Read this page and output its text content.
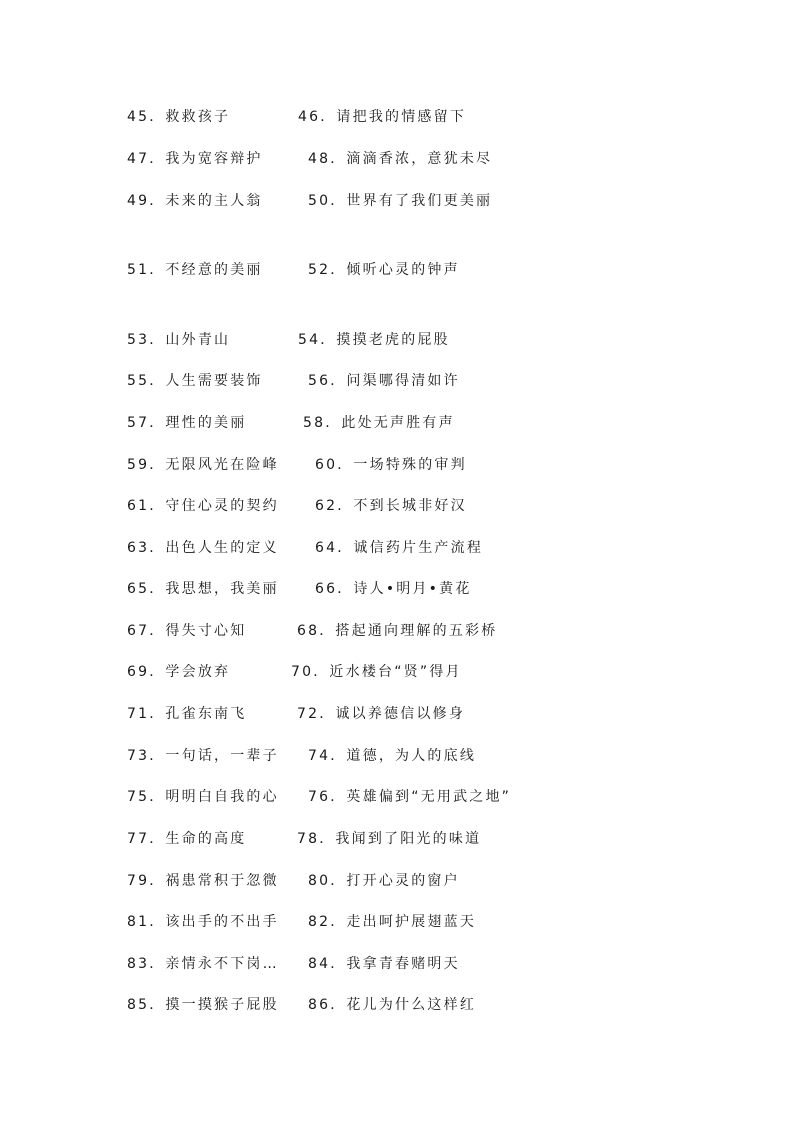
45．救救孩子	46．请把我的情感留下
47．我为宽容辩护	48．滴滴香浓，意犹未尽
49．未来的主人翁	50．世界有了我们更美丽
51．不经意的美丽	52．倾听心灵的钟声
53．山外青山	54．摸摸老虎的屁股
55．人生需要装饰	56．问渠哪得清如许
57．理性的美丽	58．此处无声胜有声
59．无限风光在险峰	60．一场特殊的审判
61．守住心灵的契约	62．不到长城非好汉
63．出色人生的定义	64．诚信药片生产流程
65．我思想，我美丽	66．诗人•明月•黄花
67．得失寸心知	68．搭起通向理解的五彩桥
69．学会放弃	70．近水楼台“贤”得月
71．孔雀东南飞	72．诚以养德信以修身
73．一句话，一辈子 74．道德，为人的底线
75．明明白自我的心 76．英雄偏到“无用武之地”
77．生命的高度	78．我闻到了阳光的味道
79．祸患常积于忽微 80．打开心灵的窗户
81．该出手的不出手 82．走出呵护展翅蓝天
83．亲情永不下岗… 84．我拿青春赌明天
85．摸一摸猴子屁股 86．花儿为什么这样红
